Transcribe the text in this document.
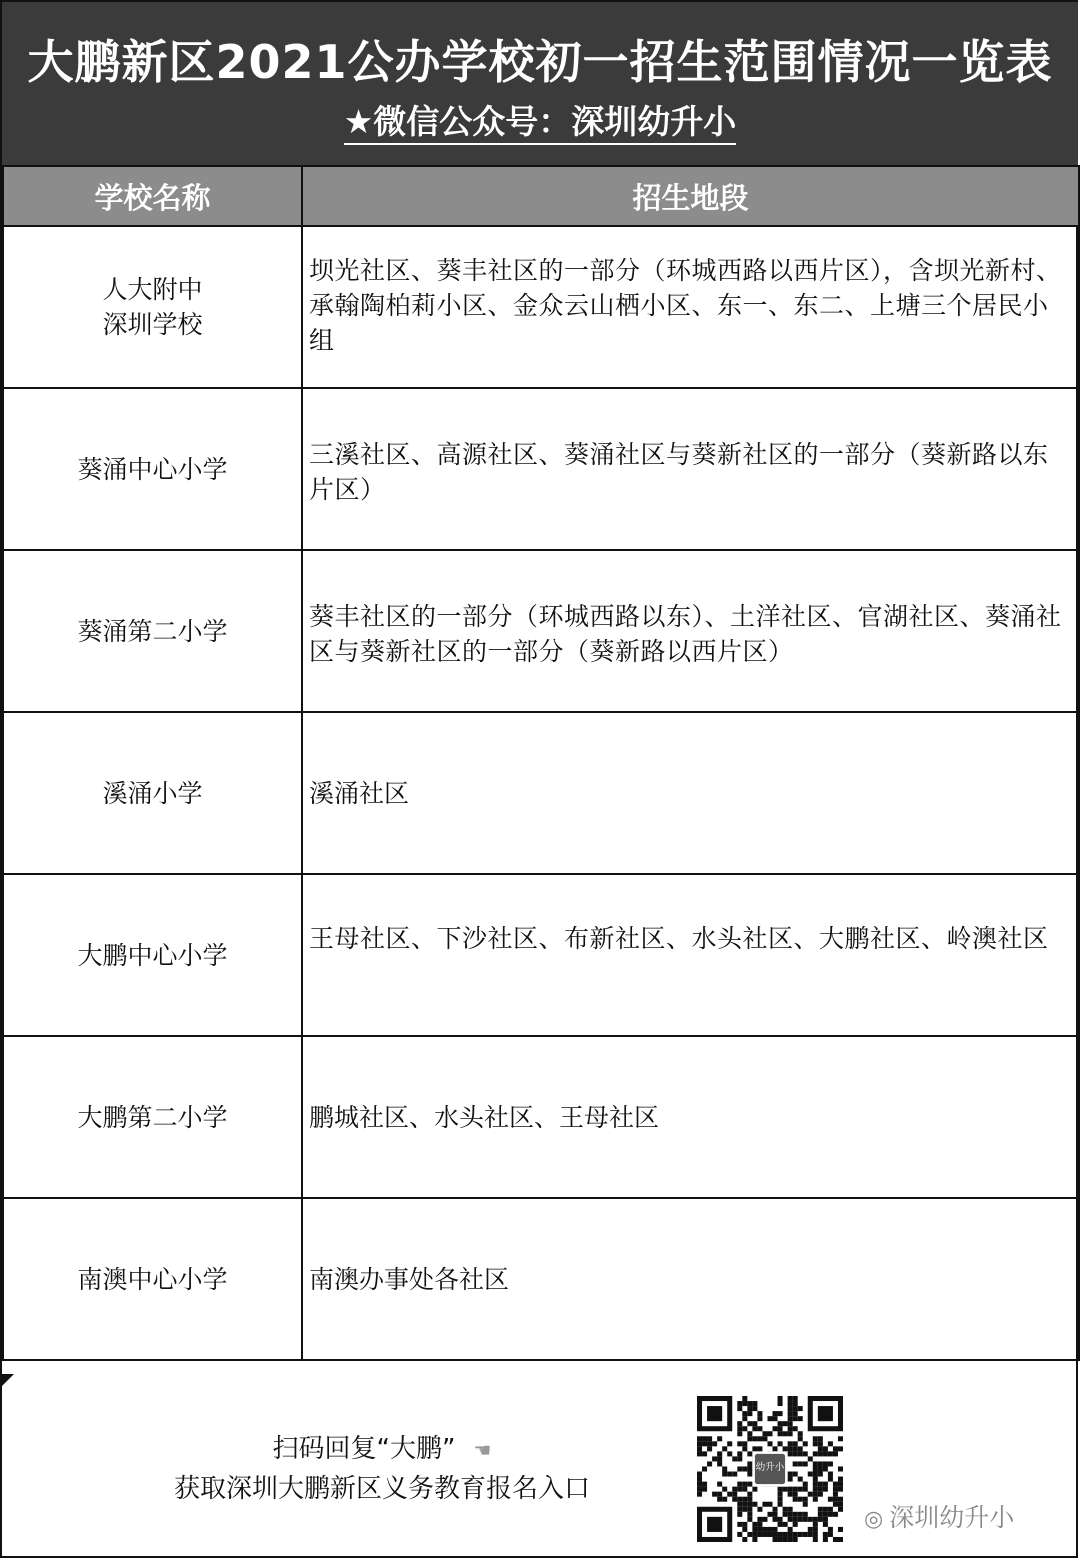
大鹏新区2021公办学校初一招生范围情况一览表
★微信公众号：深圳幼升小
学校名称	招生地段
人大附中
深圳学校	坝光社区、葵丰社区的一部分（环城西路以西片区），含坝光新村、承翰陶柏莉小区、金众云山栖小区、东一、东二、上塘三个居民小组

葵涌中心小学	三溪社区、高源社区、葵涌社区与葵新社区的一部分（葵新路以东片区）

葵涌第二小学	葵丰社区的一部分（环城西路以东）、土洋社区、官湖社区、葵涌社区与葵新社区的一部分（葵新路以西片区）

溪涌小学	溪涌社区

大鹏中心小学	王母社区、下沙社区、布新社区、水头社区、大鹏社区、岭澳社区

大鹏第二小学	鹏城社区、水头社区、王母社区

南澳中心小学	南澳办事处各社区
扫码回复“大鹏” ☚
获取深圳大鹏新区义务教育报名入口
幼升小
◎ 深圳幼升小
